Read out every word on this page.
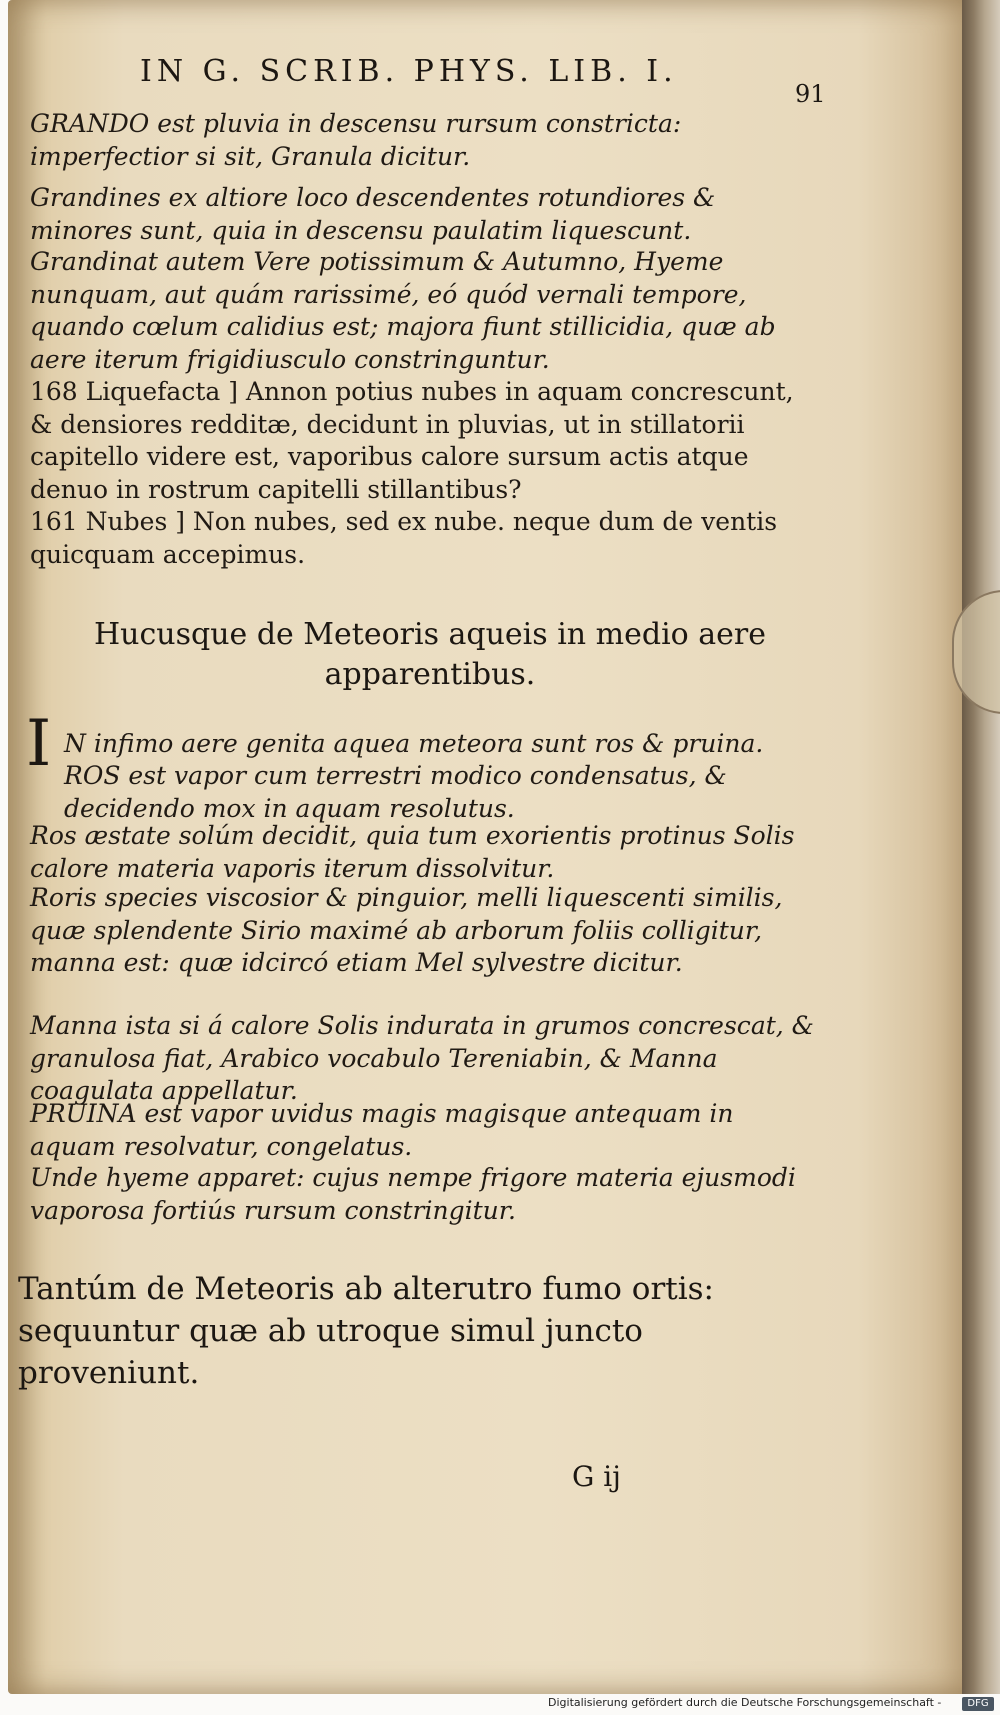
IN G. SCRIB. PHYS. LIB. I.
91
GRANDO est pluvia in descensu rursum constricta: imperfectior si sit, Granula dicitur.
Grandines ex altiore loco descendentes rotundiores & minores sunt, quia in descensu paulatim liquescunt.
Grandinat autem Vere potissimum & Autumno, Hyeme nunquam, aut quám rarissimé, eó quód vernali tempore, quando cœlum calidius est; majora fiunt stillicidia, quæ ab aere iterum frigidiusculo constringuntur.
168 Liquefacta ] Annon potius nubes in aquam concrescunt, & densiores redditæ, decidunt in pluvias, ut in stillatorii capitello videre est, vaporibus calore sursum actis atque denuo in rostrum capitelli stillantibus?
161 Nubes ] Non nubes, sed ex nube. neque dum de ventis quicquam accepimus.
Hucusque de Meteoris aqueis in medio aere apparentibus.
I N infimo aere genita aquea meteora sunt ros & pruina.
ROS est vapor cum terrestri modico condensatus, & decidendo mox in aquam resolutus.
Ros æstate solúm decidit, quia tum exorientis protinus Solis calore materia vaporis iterum dissolvitur.
Roris species viscosior & pinguior, melli liquescenti similis, quæ splendente Sirio maximé ab arborum foliis colligitur, manna est: quæ idcircó etiam Mel sylvestre dicitur.
Manna ista si á calore Solis indurata in grumos concrescat, & granulosa fiat, Arabico vocabulo Tereniabin, & Manna coagulata appellatur.
PRUINA est vapor uvidus magis magisque antequam in aquam resolvatur, congelatus.
Unde hyeme apparet: cujus nempe frigore materia ejusmodi vaporosa fortiús rursum constringitur.
Tantúm de Meteoris ab alterutro fumo ortis: sequuntur quæ ab utroque simul juncto proveniunt.
G ij
Digitalisierung gefördert durch die Deutsche Forschungsgemeinschaft -	DFG
